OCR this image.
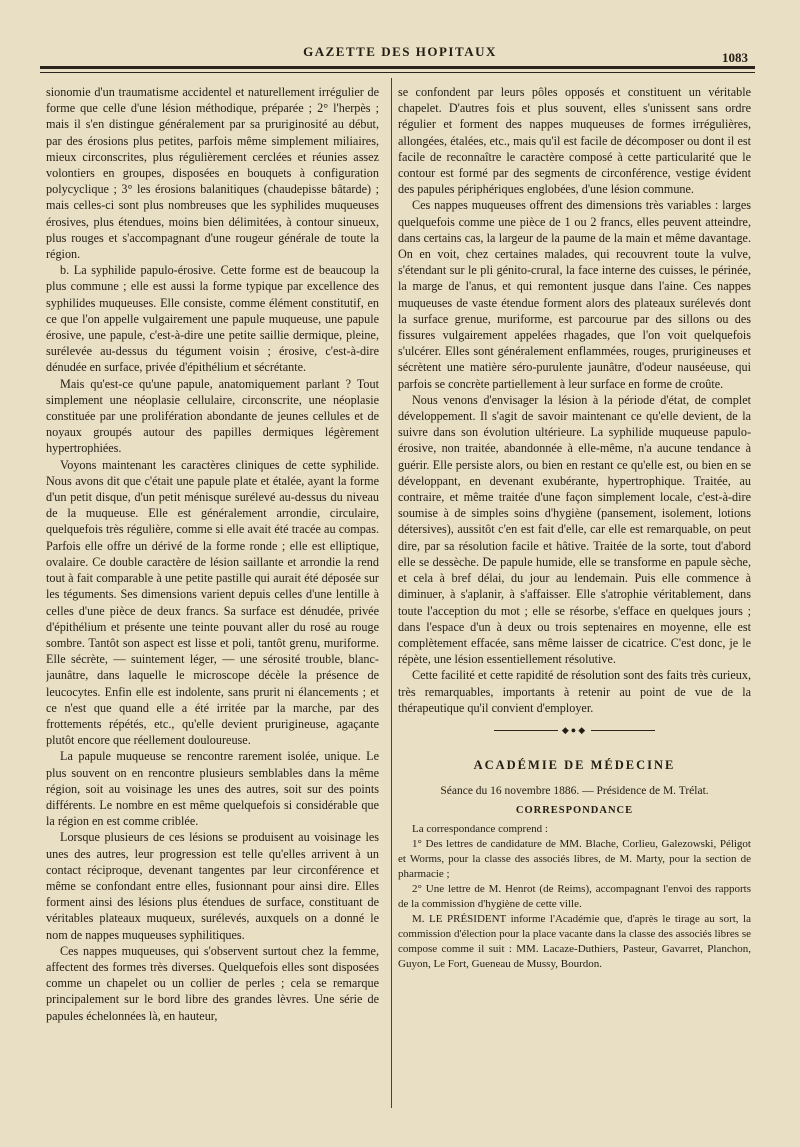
GAZETTE DES HOPITAUX	1083

sionomie d'un traumatisme accidentel et naturellement irrégulier de forme que celle d'une lésion méthodique, préparée ; 2° l'herpès ; mais il s'en distingue généralement par sa pruriginosité au début, par des érosions plus petites, parfois même simplement miliaires, mieux circonscrites, plus régulièrement cerclées et réunies assez volontiers en groupes, disposées en bouquets à configuration polycyclique ; 3° les érosions balanitiques (chaudepisse bâtarde) ; mais celles-ci sont plus nombreuses que les syphilides muqueuses érosives, plus étendues, moins bien délimitées, à contour sinueux, plus rouges et s'accompagnant d'une rougeur générale de toute la région.

b. La syphilide papulo-érosive. Cette forme est de beaucoup la plus commune ; elle est aussi la forme typique par excellence des syphilides muqueuses. Elle consiste, comme élément constitutif, en ce que l'on appelle vulgairement une papule muqueuse, une papule érosive, une papule, c'est-à-dire une petite saillie dermique, pleine, surélevée au-dessus du tégument voisin ; érosive, c'est-à-dire dénudée en surface, privée d'épithélium et sécrétante.

Mais qu'est-ce qu'une papule, anatomiquement parlant ? Tout simplement une néoplasie cellulaire, circonscrite, une néoplasie constituée par une prolifération abondante de jeunes cellules et de noyaux groupés autour des papilles dermiques légèrement hypertrophiées.

Voyons maintenant les caractères cliniques de cette syphilide. Nous avons dit que c'était une papule plate et étalée, ayant la forme d'un petit disque, d'un petit ménisque surélevé au-dessus du niveau de la muqueuse. Elle est généralement arrondie, circulaire, quelquefois très régulière, comme si elle avait été tracée au compas. Parfois elle offre un dérivé de la forme ronde ; elle est elliptique, ovalaire. Ce double caractère de lésion saillante et arrondie la rend tout à fait comparable à une petite pastille qui aurait été déposée sur les téguments. Ses dimensions varient depuis celles d'une lentille à celles d'une pièce de deux francs. Sa surface est dénudée, privée d'épithélium et présente une teinte pouvant aller du rosé au rouge sombre. Tantôt son aspect est lisse et poli, tantôt grenu, muriforme. Elle sécrète, — suintement léger, — une sérosité trouble, blanc-jaunâtre, dans laquelle le microscope décèle la présence de leucocytes. Enfin elle est indolente, sans prurit ni élancements ; et ce n'est que quand elle a été irritée par la marche, par des frottements répétés, etc., qu'elle devient prurigineuse, agaçante plutôt encore que réellement douloureuse.

La papule muqueuse se rencontre rarement isolée, unique. Le plus souvent on en rencontre plusieurs semblables dans la même région, soit au voisinage les unes des autres, soit sur des points différents. Le nombre en est même quelquefois si considérable que la région en est comme criblée.

Lorsque plusieurs de ces lésions se produisent au voisinage les unes des autres, leur progression est telle qu'elles arrivent à un contact réciproque, devenant tangentes par leur circonférence et même se confondant entre elles, fusionnant pour ainsi dire. Elles forment ainsi des lésions plus étendues de surface, constituant de véritables plateaux muqueux, surélevés, auxquels on a donné le nom de nappes muqueuses syphilitiques.

Ces nappes muqueuses, qui s'observent surtout chez la femme, affectent des formes très diverses. Quelquefois elles sont disposées comme un chapelet ou un collier de perles ; cela se remarque principalement sur le bord libre des grandes lèvres. Une série de papules échelonnées là, en hauteur,

se confondent par leurs pôles opposés et constituent un véritable chapelet. D'autres fois et plus souvent, elles s'unissent sans ordre régulier et forment des nappes muqueuses de formes irrégulières, allongées, étalées, etc., mais qu'il est facile de décomposer ou dont il est facile de reconnaître le caractère composé à cette particularité que le contour est formé par des segments de circonférence, vestige évident des papules périphériques englobées, d'une lésion commune.

Ces nappes muqueuses offrent des dimensions très variables : larges quelquefois comme une pièce de 1 ou 2 francs, elles peuvent atteindre, dans certains cas, la largeur de la paume de la main et même davantage. On en voit, chez certaines malades, qui recouvrent toute la vulve, s'étendant sur le pli génito-crural, la face interne des cuisses, le périnée, la marge de l'anus, et qui remontent jusque dans l'aine. Ces nappes muqueuses de vaste étendue forment alors des plateaux surélevés dont la surface grenue, muriforme, est parcourue par des sillons ou des fissures vulgairement appelées rhagades, que l'on voit quelquefois s'ulcérer. Elles sont généralement enflammées, rouges, prurigineuses et sécrètent une matière séro-purulente jaunâtre, d'odeur nauséeuse, qui parfois se concrète partiellement à leur surface en forme de croûte.

Nous venons d'envisager la lésion à la période d'état, de complet développement. Il s'agit de savoir maintenant ce qu'elle devient, de la suivre dans son évolution ultérieure. La syphilide muqueuse papulo-érosive, non traitée, abandonnée à elle-même, n'a aucune tendance à guérir. Elle persiste alors, ou bien en restant ce qu'elle est, ou bien en se développant, en devenant exubérante, hypertrophique. Traitée, au contraire, et même traitée d'une façon simplement locale, c'est-à-dire soumise à de simples soins d'hygiène (pansement, isolement, lotions détersives), aussitôt c'en est fait d'elle, car elle est remarquable, on peut dire, par sa résolution facile et hâtive. Traitée de la sorte, tout d'abord elle se dessèche. De papule humide, elle se transforme en papule sèche, et cela à bref délai, du jour au lendemain. Puis elle commence à diminuer, à s'aplanir, à s'affaisser. Elle s'atrophie véritablement, dans toute l'acception du mot ; elle se résorbe, s'efface en quelques jours ; dans l'espace d'un à deux ou trois septenaires en moyenne, elle est complètement effacée, sans même laisser de cicatrice. C'est donc, je le répète, une lésion essentiellement résolutive.

Cette facilité et cette rapidité de résolution sont des faits très curieux, très remarquables, importants à retenir au point de vue de la thérapeutique qu'il convient d'employer.

◆●◆
ACADÉMIE DE MÉDECINE
Séance du 16 novembre 1886. — Présidence de M. Trélat.
CORRESPONDANCE

La correspondance comprend :

1° Des lettres de candidature de MM. Blache, Corlieu, Galezowski, Péligot et Worms, pour la classe des associés libres, de M. Marty, pour la section de pharmacie ;

2° Une lettre de M. Henrot (de Reims), accompagnant l'envoi des rapports de la commission d'hygiène de cette ville.

M. LE PRÉSIDENT informe l'Académie que, d'après le tirage au sort, la commission d'élection pour la place vacante dans la classe des associés libres se compose comme il suit : MM. Lacaze-Duthiers, Pasteur, Gavarret, Planchon, Guyon, Le Fort, Gueneau de Mussy, Bourdon.
